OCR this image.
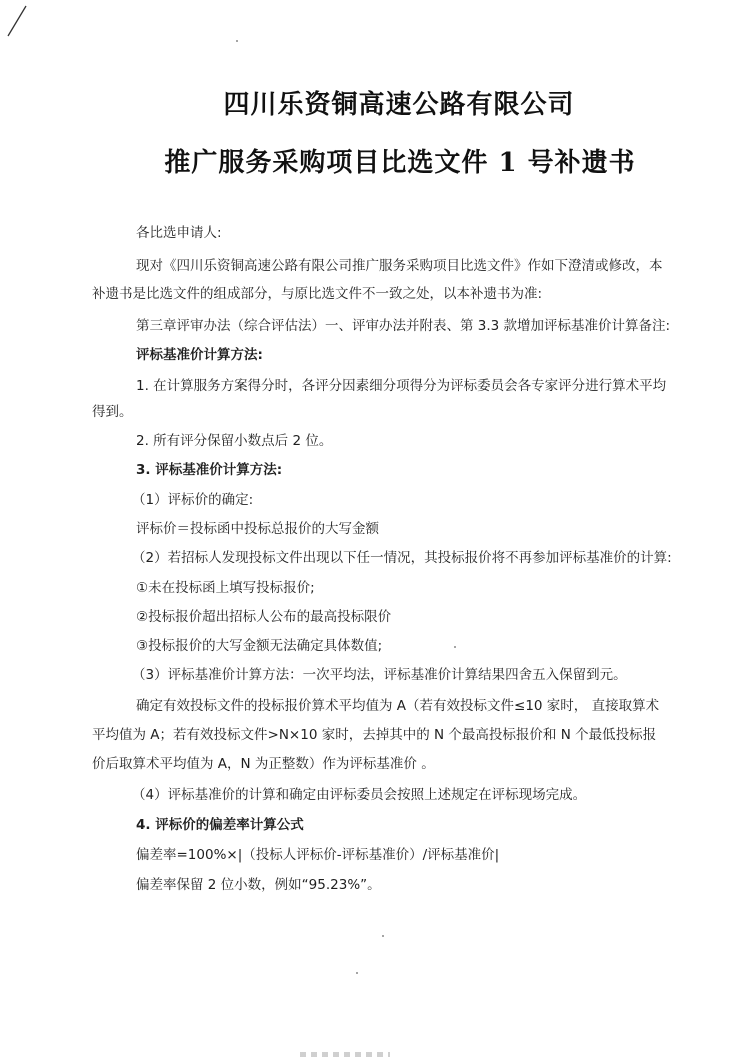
四川乐资铜高速公路有限公司
推广服务采购项目比选文件 1 号补遗书
各比选申请人:
现对《四川乐资铜高速公路有限公司推广服务采购项目比选文件》作如下澄清或修改，本
补遗书是比选文件的组成部分，与原比选文件不一致之处，以本补遗书为准:
第三章评审办法（综合评估法）一、评审办法并附表、第 3.3 款增加评标基准价计算备注:
评标基准价计算方法:
1. 在计算服务方案得分时，各评分因素细分项得分为评标委员会各专家评分进行算术平均
得到。
2. 所有评分保留小数点后 2 位。
3. 评标基准价计算方法:
（1）评标价的确定:
评标价＝投标函中投标总报价的大写金额
（2）若招标人发现投标文件出现以下任一情况，其投标报价将不再参加评标基准价的计算:
①未在投标函上填写投标报价;
②投标报价超出招标人公布的最高投标限价
③投标报价的大写金额无法确定具体数值;
（3）评标基准价计算方法：一次平均法，评标基准价计算结果四舍五入保留到元。
确定有效投标文件的投标报价算术平均值为 A（若有效投标文件≤10 家时， 直接取算术
平均值为 A；若有效投标文件>N×10 家时，去掉其中的 N 个最高投标报价和 N 个最低投标报
价后取算术平均值为 A，N 为正整数）作为评标基准价 。
（4）评标基准价的计算和确定由评标委员会按照上述规定在评标现场完成。
4. 评标价的偏差率计算公式
偏差率=100%×|（投标人评标价-评标基准价）/评标基准价|
偏差率保留 2 位小数，例如“95.23%”。
